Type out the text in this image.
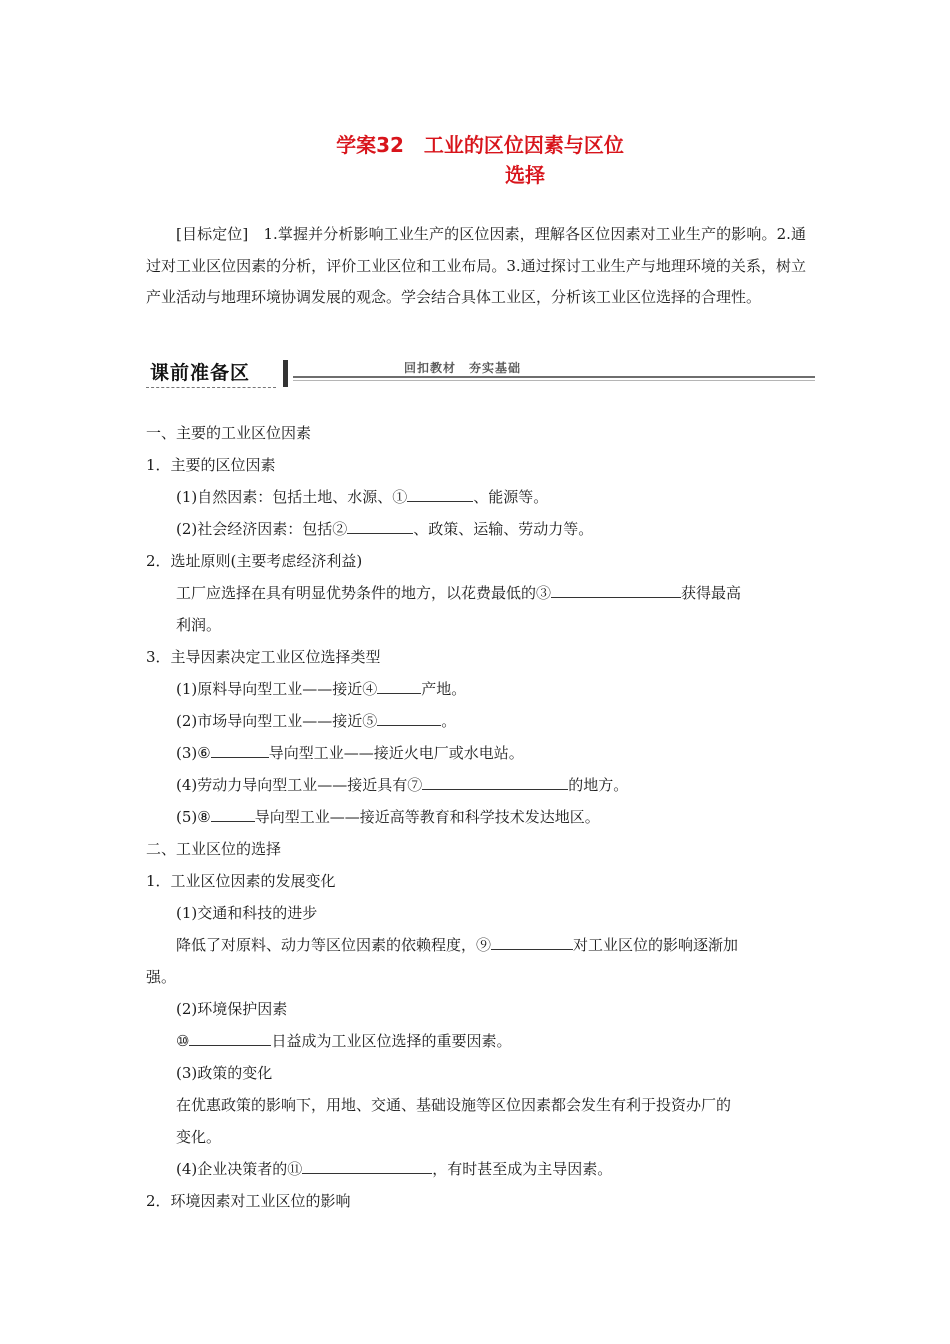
学案32　工业的区位因素与区位
选择

[目标定位]　1.掌握并分析影响工业生产的区位因素，理解各区位因素对工业生产的影响。2.通过对工业区位因素的分析，评价工业区位和工业布局。3.通过探讨工业生产与地理环境的关系，树立产业活动与地理环境协调发展的观念。学会结合具体工业区，分析该工业区位选择的合理性。

课前准备区	回扣教材　夯实基础

一、主要的工业区位因素

1．主要的区位因素

(1)自然因素：包括土地、水源、①	、能源等。

(2)社会经济因素：包括②	、政策、运输、劳动力等。

2．选址原则(主要考虑经济利益)

工厂应选择在具有明显优势条件的地方，以花费最低的③	获得最高

利润。

3．主导因素决定工业区位选择类型

(1)原料导向型工业——接近④	产地。

(2)市场导向型工业——接近⑤	。

(3)⑥	导向型工业——接近火电厂或水电站。

(4)劳动力导向型工业——接近具有⑦	的地方。

(5)⑧	导向型工业——接近高等教育和科学技术发达地区。

二、工业区位的选择

1．工业区位因素的发展变化

(1)交通和科技的进步

降低了对原料、动力等区位因素的依赖程度，⑨	对工业区位的影响逐渐加

强。

(2)环境保护因素

⑩	日益成为工业区位选择的重要因素。

(3)政策的变化

在优惠政策的影响下，用地、交通、基础设施等区位因素都会发生有利于投资办厂的

变化。

(4)企业决策者的⑪	，有时甚至成为主导因素。

2．环境因素对工业区位的影响
